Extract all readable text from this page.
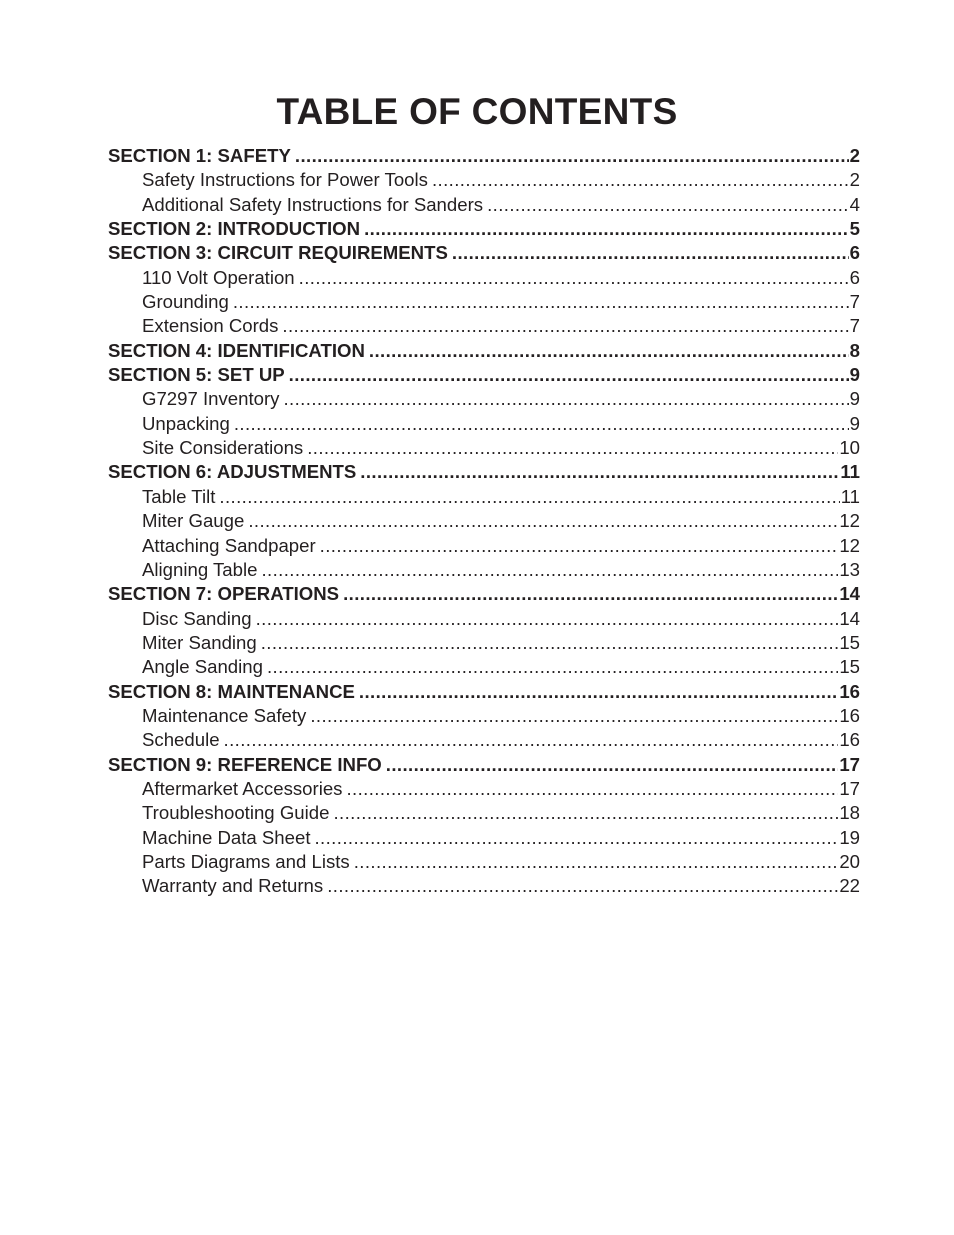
TABLE OF CONTENTS
SECTION 1: SAFETY .....	2
Safety Instructions for Power Tools .....	2
Additional Safety Instructions for Sanders .....	4
SECTION 2: INTRODUCTION .....	5
SECTION 3: CIRCUIT REQUIREMENTS .....	6
110 Volt Operation .....	6
Grounding .....	7
Extension Cords .....	7
SECTION 4: IDENTIFICATION .....	8
SECTION 5: SET UP .....	9
G7297 Inventory .....	9
Unpacking .....	9
Site Considerations .....	10
SECTION 6: ADJUSTMENTS .....	11
Table Tilt .....	11
Miter Gauge .....	12
Attaching Sandpaper .....	12
Aligning Table .....	13
SECTION 7: OPERATIONS .....	14
Disc Sanding .....	14
Miter Sanding .....	15
Angle Sanding .....	15
SECTION 8: MAINTENANCE .....	16
Maintenance Safety .....	16
Schedule .....	16
SECTION 9: REFERENCE INFO .....	17
Aftermarket Accessories .....	17
Troubleshooting Guide .....	18
Machine Data Sheet .....	19
Parts Diagrams and Lists .....	20
Warranty and Returns .....	22
